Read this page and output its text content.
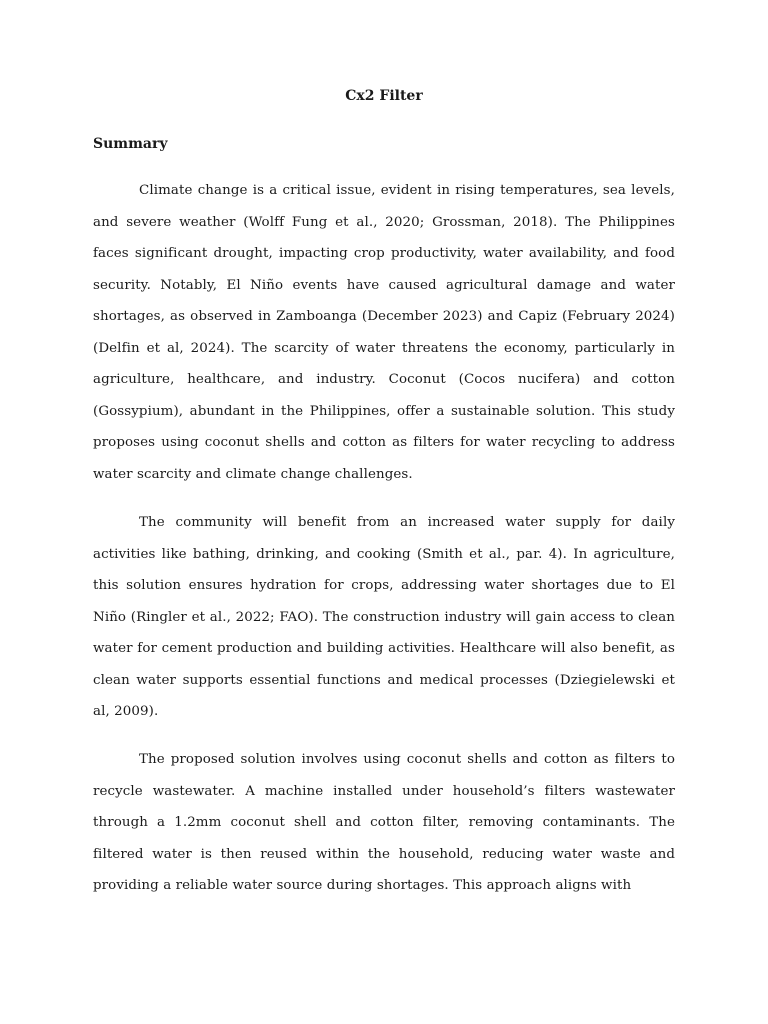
Cx2 Filter
Summary

Climate change is a critical issue, evident in rising temperatures, sea levels, and severe weather (Wolff Fung et al., 2020; Grossman, 2018). The Philippines faces significant drought, impacting crop productivity, water availability, and food security. Notably, El Niño events have caused agricultural damage and water shortages, as observed in Zamboanga (December 2023) and Capiz (February 2024) (Delfin et al, 2024). The scarcity of water threatens the economy, particularly in agriculture, healthcare, and industry. Coconut (Cocos nucifera) and cotton (Gossypium), abundant in the Philippines, offer a sustainable solution. This study proposes using coconut shells and cotton as filters for water recycling to address water scarcity and climate change challenges.

The community will benefit from an increased water supply for daily activities like bathing, drinking, and cooking (Smith et al., par. 4). In agriculture, this solution ensures hydration for crops, addressing water shortages due to El Niño (Ringler et al., 2022; FAO). The construction industry will gain access to clean water for cement production and building activities. Healthcare will also benefit, as clean water supports essential functions and medical processes (Dziegielewski et al, 2009).

The proposed solution involves using coconut shells and cotton as filters to recycle wastewater. A machine installed under household’s filters wastewater through a 1.2mm coconut shell and cotton filter, removing contaminants. The filtered water is then reused within the household, reducing water waste and providing a reliable water source during shortages. This approach aligns with
